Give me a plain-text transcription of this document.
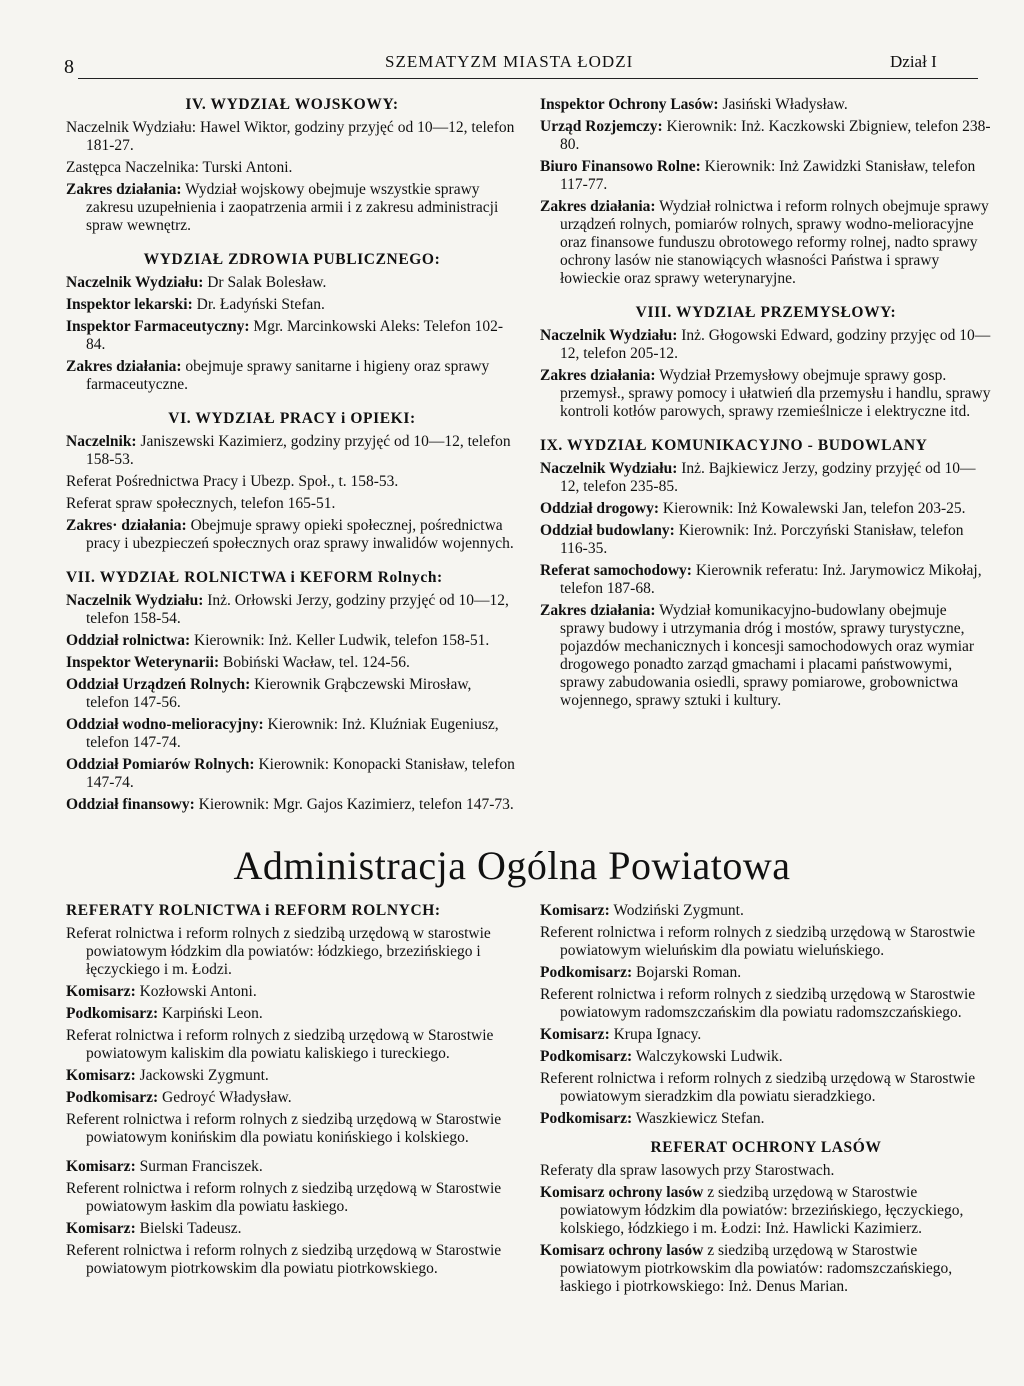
8	SZEMATYZM MIASTA ŁODZI	Dział I
IV. WYDZIAŁ WOJSKOWY:

Naczelnik Wydziału: Hawel Wiktor, godziny przyjęć od 10—12, telefon 181-27.

Zastępca Naczelnika: Turski Antoni.

Zakres działania: Wydział wojskowy obejmuje wszystkie sprawy zakresu uzupełnienia i zaopatrzenia armii i z zakresu administracji spraw wewnętrz.

WYDZIAŁ ZDROWIA PUBLICZNEGO:

Naczelnik Wydziału: Dr Salak Bolesław.

Inspektor lekarski: Dr. Ładyński Stefan.

Inspektor Farmaceutyczny: Mgr. Marcinkowski Aleks: Telefon 102-84.

Zakres działania: obejmuje sprawy sanitarne i higieny oraz sprawy farmaceutyczne.

VI. WYDZIAŁ PRACY i OPIEKI:

Naczelnik: Janiszewski Kazimierz, godziny przyjęć od 10—12, telefon 158-53.

Referat Pośrednictwa Pracy i Ubezp. Społ., t. 158-53.

Referat spraw społecznych, telefon 165-51.

Zakres· działania: Obejmuje sprawy opieki społecznej, pośrednictwa pracy i ubezpieczeń społecznych oraz sprawy inwalidów wojennych.

VII. WYDZIAŁ ROLNICTWA i KEFORM Rolnych:

Naczelnik Wydziału: Inż. Orłowski Jerzy, godziny przyjęć od 10—12, telefon 158-54.

Oddział rolnictwa: Kierownik: Inż. Keller Ludwik, telefon 158-51.

Inspektor Weterynarii: Bobiński Wacław, tel. 124-56.

Oddział Urządzeń Rolnych: Kierownik Grąbczewski Mirosław, telefon 147-56.

Oddział wodno-melioracyjny: Kierownik: Inż. Kluźniak Eugeniusz, telefon 147-74.

Oddział Pomiarów Rolnych: Kierownik: Konopacki Stanisław, telefon 147-74.

Oddział finansowy: Kierownik: Mgr. Gajos Kazimierz, telefon 147-73.

Inspektor Ochrony Lasów: Jasiński Władysław.

Urząd Rozjemczy: Kierownik: Inż. Kaczkowski Zbigniew, telefon 238-80.

Biuro Finansowo Rolne: Kierownik: Inż Zawidzki Stanisław, telefon 117-77.

Zakres działania: Wydział rolnictwa i reform rolnych obejmuje sprawy urządzeń rolnych, pomiarów rolnych, sprawy wodno-melioracyjne oraz finansowe funduszu obrotowego reformy rolnej, nadto sprawy ochrony lasów nie stanowiących własności Państwa i sprawy łowieckie oraz sprawy weterynaryjne.

VIII. WYDZIAŁ PRZEMYSŁOWY:

Naczelnik Wydziału: Inż. Głogowski Edward, godziny przyjęc od 10—12, telefon 205-12.

Zakres działania: Wydział Przemysłowy obejmuje sprawy gosp. przemysł., sprawy pomocy i ułatwień dla przemysłu i handlu, sprawy kontroli kotłów parowych, sprawy rzemieślnicze i elektryczne itd.

IX. WYDZIAŁ KOMUNIKACYJNO - BUDOWLANY

Naczelnik Wydziału: Inż. Bajkiewicz Jerzy, godziny przyjęć od 10—12, telefon 235-85.

Oddział drogowy: Kierownik: Inż Kowalewski Jan, telefon 203-25.

Oddział budowlany: Kierownik: Inż. Porczyński Stanisław, telefon 116-35.

Referat samochodowy: Kierownik referatu: Inż. Jarymowicz Mikołaj, telefon 187-68.

Zakres działania: Wydział komunikacyjno-budowlany obejmuje sprawy budowy i utrzymania dróg i mostów, sprawy turystyczne, pojazdów mechanicznych i koncesji samochodowych oraz wymiar drogowego ponadto zarząd gmachami i placami państwowymi, sprawy zabudowania osiedli, sprawy pomiarowe, grobownictwa wojennego, sprawy sztuki i kultury.

Administracja Ogólna Powiatowa
REFERATY ROLNICTWA i REFORM ROLNYCH:

Referat rolnictwa i reform rolnych z siedzibą urzędową w starostwie powiatowym łódzkim dla powiatów: łódzkiego, brzezińskiego i łęczyckiego i m. Łodzi.

Komisarz: Kozłowski Antoni.

Podkomisarz: Karpiński Leon.

Referat rolnictwa i reform rolnych z siedzibą urzędową w Starostwie powiatowym kaliskim dla powiatu kaliskiego i tureckiego.

Komisarz: Jackowski Zygmunt.

Podkomisarz: Gedroyć Władysław.

Referent rolnictwa i reform rolnych z siedzibą urzędową w Starostwie powiatowym konińskim dla powiatu konińskiego i kolskiego.

Komisarz: Surman Franciszek.

Referent rolnictwa i reform rolnych z siedzibą urzędową w Starostwie powiatowym łaskim dla powiatu łaskiego.

Komisarz: Bielski Tadeusz.

Referent rolnictwa i reform rolnych z siedzibą urzędową w Starostwie powiatowym piotrkowskim dla powiatu piotrkowskiego.

Komisarz: Wodziński Zygmunt.

Referent rolnictwa i reform rolnych z siedzibą urzędową w Starostwie powiatowym wieluńskim dla powiatu wieluńskiego.

Podkomisarz: Bojarski Roman.

Referent rolnictwa i reform rolnych z siedzibą urzędową w Starostwie powiatowym radomszczańskim dla powiatu radomszczańskiego.

Komisarz: Krupa Ignacy.

Podkomisarz: Walczykowski Ludwik.

Referent rolnictwa i reform rolnych z siedzibą urzędową w Starostwie powiatowym sieradzkim dla powiatu sieradzkiego.

Podkomisarz: Waszkiewicz Stefan.

REFERAT OCHRONY LASÓW

Referaty dla spraw lasowych przy Starostwach.

Komisarz ochrony lasów z siedzibą urzędową w Starostwie powiatowym łódzkim dla powiatów: brzezińskiego, łęczyckiego, kolskiego, łódzkiego i m. Łodzi: Inż. Hawlicki Kazimierz.

Komisarz ochrony lasów z siedzibą urzędową w Starostwie powiatowym piotrkowskim dla powiatów: radomszczańskiego, łaskiego i piotrkowskiego: Inż. Denus Marian.
